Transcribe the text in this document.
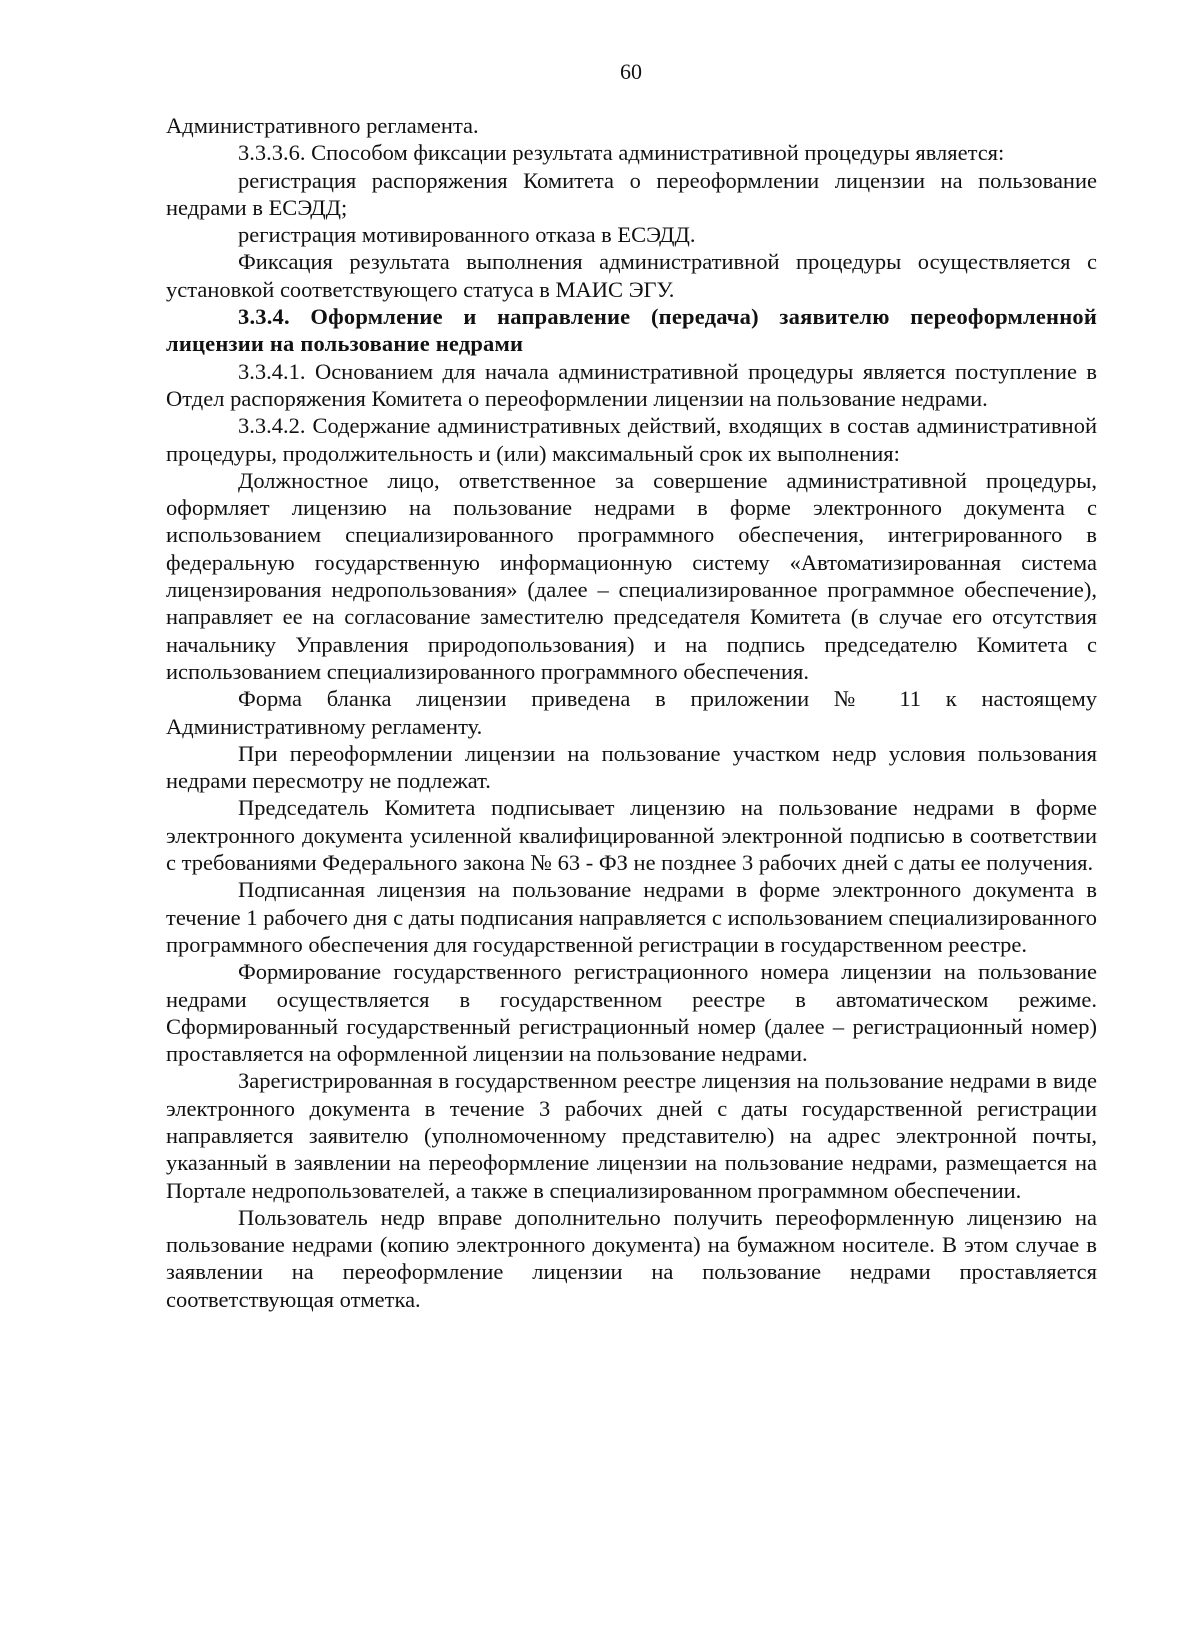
60

Административного регламента.

3.3.3.6. Способом фиксации результата административной процедуры является:

регистрация распоряжения Комитета о переоформлении лицензии на пользование недрами в ЕСЭДД;

регистрация мотивированного отказа в ЕСЭДД.

Фиксация результата выполнения административной процедуры осуществляется с установкой соответствующего статуса в МАИС ЭГУ.

3.3.4. Оформление и направление (передача) заявителю переоформленной лицензии на пользование недрами

3.3.4.1. Основанием для начала административной процедуры является поступление в Отдел распоряжения Комитета о переоформлении лицензии на пользование недрами.

3.3.4.2. Содержание административных действий, входящих в состав административной процедуры, продолжительность и (или) максимальный срок их выполнения:

Должностное лицо, ответственное за совершение административной процедуры, оформляет лицензию на пользование недрами в форме электронного документа с использованием специализированного программного обеспечения, интегрированного в федеральную государственную информационную систему «Автоматизированная система лицензирования недропользования» (далее – специализированное программное обеспечение), направляет ее на согласование заместителю председателя Комитета (в случае его отсутствия начальнику Управления природопользования) и на подпись председателю Комитета с использованием специализированного программного обеспечения.

Форма бланка лицензии приведена в приложении № 11 к настоящему Административному регламенту.

При переоформлении лицензии на пользование участком недр условия пользования недрами пересмотру не подлежат.

Председатель Комитета подписывает лицензию на пользование недрами в форме электронного документа усиленной квалифицированной электронной подписью в соответствии с требованиями Федерального закона № 63 - ФЗ не позднее 3 рабочих дней с даты ее получения.

Подписанная лицензия на пользование недрами в форме электронного документа в течение 1 рабочего дня с даты подписания направляется с использованием специализированного программного обеспечения для государственной регистрации в государственном реестре.

Формирование государственного регистрационного номера лицензии на пользование недрами осуществляется в государственном реестре в автоматическом режиме. Сформированный государственный регистрационный номер (далее – регистрационный номер) проставляется на оформленной лицензии на пользование недрами.

Зарегистрированная в государственном реестре лицензия на пользование недрами в виде электронного документа в течение 3 рабочих дней с даты государственной регистрации направляется заявителю (уполномоченному представителю) на адрес электронной почты, указанный в заявлении на переоформление лицензии на пользование недрами, размещается на Портале недропользователей, а также в специализированном программном обеспечении.

Пользователь недр вправе дополнительно получить переоформленную лицензию на пользование недрами (копию электронного документа) на бумажном носителе. В этом случае в заявлении на переоформление лицензии на пользование недрами проставляется соответствующая отметка.
